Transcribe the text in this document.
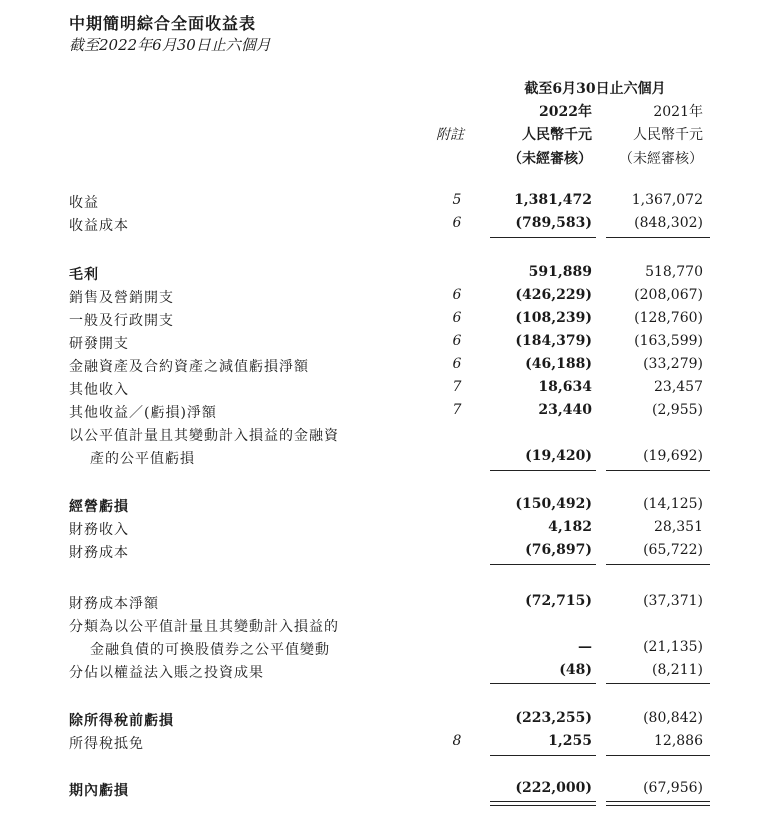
中期簡明綜合全面收益表
截至2022年6月30日止六個月
截至6月30日止六個月
2022年	2021年
附註	人民幣千元	人民幣千元
（未經審核） （未經審核）
收益	5	1,381,472	1,367,072
收益成本	6	(789,583)	(848,302)
毛利	591,889	518,770
銷售及營銷開支	6	(426,229)	(208,067)
一般及行政開支	6	(108,239)	(128,760)
研發開支	6	(184,379)	(163,599)
金融資產及合約資產之減值虧損淨額	6	(46,188)	(33,279)
其他收入	7	18,634	23,457
其他收益／(虧損)淨額	7	23,440	(2,955)
以公平值計量且其變動計入損益的金融資
產的公平值虧損	(19,420)	(19,692)
經營虧損	(150,492)	(14,125)
財務收入	4,182	28,351
財務成本	(76,897)	(65,722)
財務成本淨額	(72,715)	(37,371)
分類為以公平值計量且其變動計入損益的
金融負債的可換股債券之公平值變動	—	(21,135)
分佔以權益法入賬之投資成果	(48)	(8,211)
除所得稅前虧損	(223,255)	(80,842)
所得稅抵免	8	1,255	12,886
期內虧損	(222,000)	(67,956)
